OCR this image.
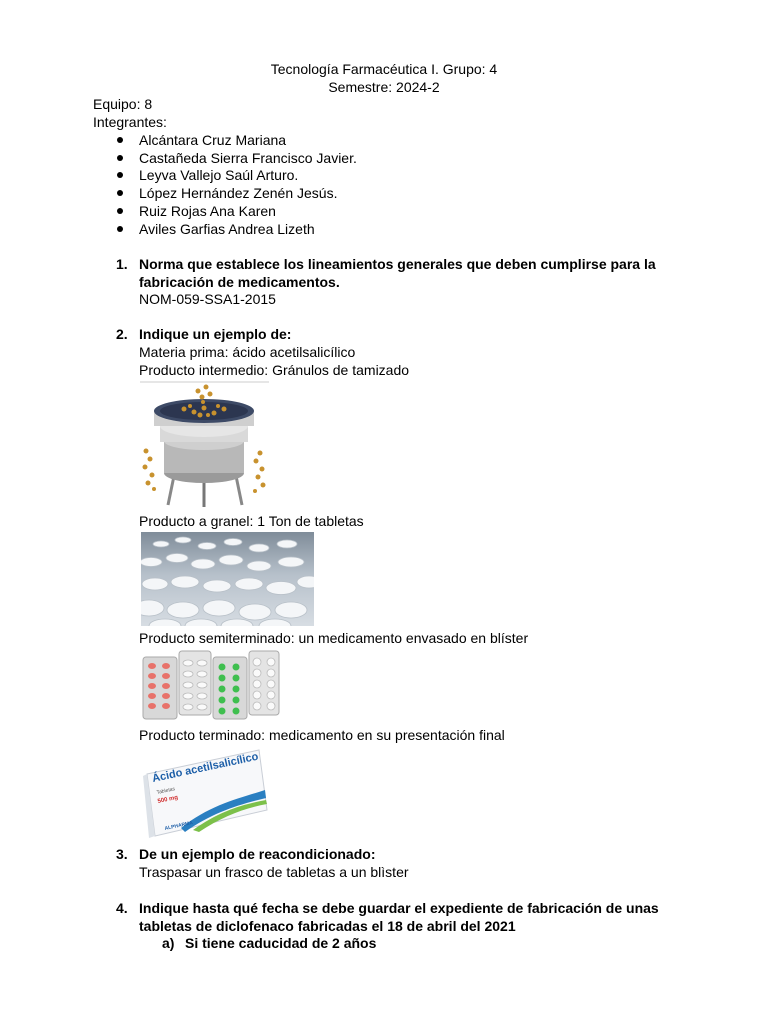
Tecnología Farmacéutica I. Grupo: 4
Semestre: 2024-2
Equipo: 8
Integrantes:
Alcántara Cruz Mariana
Castañeda Sierra Francisco Javier.
Leyva Vallejo Saúl Arturo.
López Hernández Zenén Jesús.
Ruiz Rojas Ana Karen
Aviles Garfias Andrea Lizeth
1. Norma que establece los lineamientos generales que deben cumplirse para la
fabricación de medicamentos.
NOM-059-SSA1-2015
2. Indique un ejemplo de:
Materia prima: ácido acetilsalicílico
Producto intermedio: Gránulos de tamizado
Producto a granel: 1 Ton de tabletas
Producto semiterminado: un medicamento envasado en blíster
Producto terminado: medicamento en su presentación final
Ácido acetilsalicílico
Tabletas
500 mg
ALPHARMA
3. De un ejemplo de reacondicionado:
Traspasar un frasco de tabletas a un blìster
4. Indique hasta qué fecha se debe guardar el expediente de fabricación de unas
tabletas de diclofenaco fabricadas el 18 de abril del 2021
a) Si tiene caducidad de 2 años
